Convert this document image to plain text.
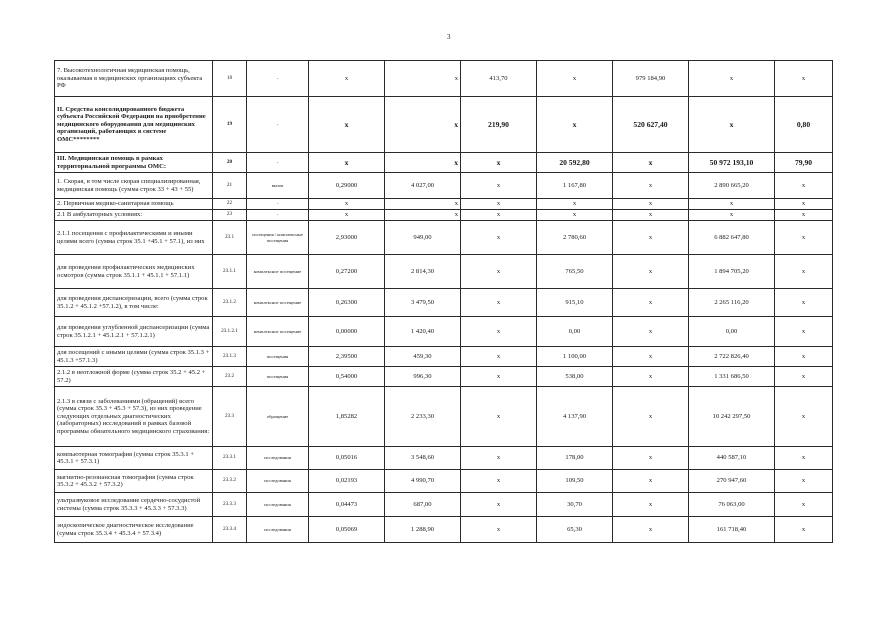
3
7. Высокотехнологичная медицинская помощь, оказываемая в медицинских организациях субъекта РФ	18	-	х	х	413,70	х	979 184,90	х	х
II. Средства консолидированного бюджета субъекта Российской Федерации на приобретение медицинского оборудования для медицинских организаций, работающих в системе ОМС********	19	-	х	х	219,90	х	520 627,40	х	0,80
III. Медицинская помощь в рамках территориальной программы ОМС:	20	-	х	х	х	20 592,80	х	50 972 193,10	79,90
1. Скорая, в том числе скорая специализированная, медицинская помощь (сумма строк 33 + 43 + 55)	21	вызов	0,29000	4 027,00	х	1 167,80	х	2 890 665,20	х
2. Первичная медико-санитарная помощь	22	-	х	х	х	х	х	х	х
2.1 В амбулаторных условиях:	23	-	х	х	х	х	х	х	х
2.1.1 посещения с профилактическими и иными целями всего (сумма строк 35.1 +45.1 + 57.1), из них	23.1	посещения / комплексные посещения	2,93000	949,00	х	2 780,60	х	6 882 647,80	х
для проведения профилактических медицинских осмотров (сумма строк 35.1.1 + 45.1.1 + 57.1.1)	23.1.1	комплексное посещение	0,27200	2 814,30	х	765,50	х	1 894 705,20	х
для проведения диспансеризации, всего (сумма строк 35.1.2 + 45.1.2 +57.1.2), в том числе:	23.1.2	комплексное посещение	0,26300	3 479,50	х	915,10	х	2 265 116,20	х
для проведения углубленной диспансеризации (сумма строк 35.1.2.1 + 45.1.2.1 + 57.1.2.1)	23.1.2.1	комплексное посещение	0,00000	1 420,40	х	0,00	х	0,00	х
для посещений с иными целями (сумма строк 35.1.3 + 45.1.3 +57.1.3)	23.1.3	посещения	2,39500	459,30	х	1 100,00	х	2 722 826,40	х
2.1.2 в неотложной форме (сумма строк 35.2 + 45.2 + 57.2)	23.2	посещения	0,54000	996,30	х	538,00	х	1 331 686,50	х
2.1.3 в связи с заболеваниями (обращений) всего (сумма строк 35.3 + 45.3 + 57.3), из них проведение следующих отдельных диагностических (лабораторных) исследований в рамках базовой программы обязательного медицинского страхования:	23.3	обращение	1,85282	2 233,30	х	4 137,90	х	10 242 297,50	х
компьютерная томография (сумма строк 35.3.1 + 45.3.1 + 57.3.1)	23.3.1	исследования	0,05016	3 548,60	х	178,00	х	440 587,10	х
магнитно-резонансная томография (сумма строк 35.3.2 + 45.3.2 + 57.3.2)	23.3.2	исследования	0,02193	4 990,70	х	109,50	х	270 947,60	х
ультразвуковое исследование сердечно-сосудистой системы (сумма строк 35.3.3 + 45.3.3 + 57.3.3)	23.3.3	исследования	0,04473	687,00	х	30,70	х	76 063,00	х
эндоскопическое диагностическое исследование (сумма строк 35.3.4 + 45.3.4 + 57.3.4)	23.3.4	исследования	0,05069	1 288,90	х	65,30	х	161 718,40	х
